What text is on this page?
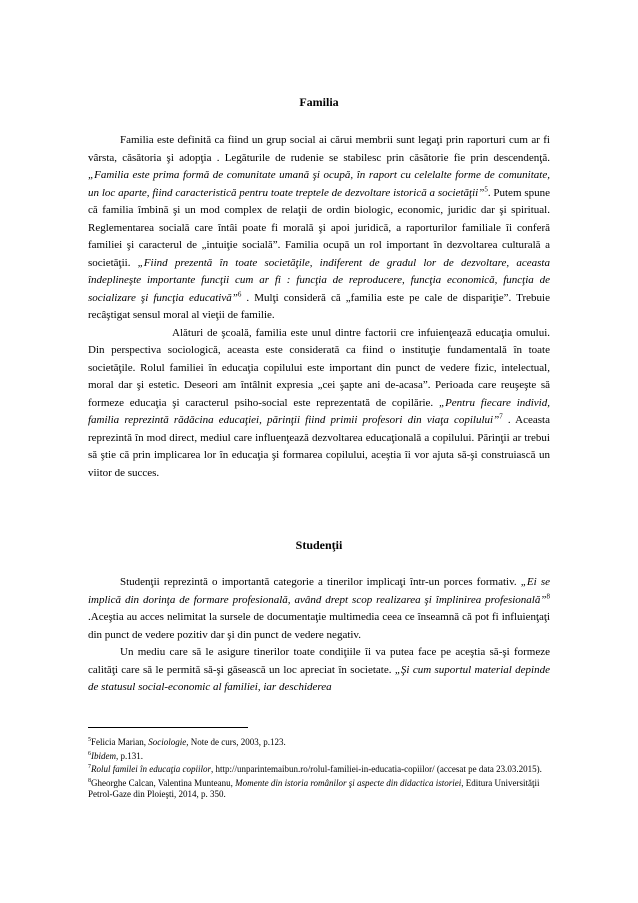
Familia

Familia este definită ca fiind un grup social ai cărui membrii sunt legaţi prin raporturi cum ar fi vârsta, căsătoria şi adopţia . Legăturile de rudenie se stabilesc prin căsătorie fie prin descendenţă. „Familia este prima formă de comunitate umană şi ocupă, în raport cu celelalte forme de comunitate, un loc aparte, fiind caracteristică pentru toate treptele de dezvoltare istorică a societăţii”$^5$. Putem spune că familia îmbină şi un mod complex de relaţii de ordin biologic, economic, juridic dar şi spiritual. Reglementarea socială care întâi poate fi morală şi apoi juridică, a raporturilor familiale îi conferă familiei şi caracterul de „intuiţie socială”. Familia ocupă un rol important în dezvoltarea culturală a societăţii. „Fiind prezentă în toate societăţile, indiferent de gradul lor de dezvoltare, aceasta îndeplineşte importante funcţii cum ar fi : funcţia de reproducere, funcţia economică, funcţia de socializare şi funcţia educativă”$^6$ . Mulţi consideră că „familia este pe cale de dispariţie”. Trebuie recâştigat sensul moral al vieţii de familie.

Alături de şcoală, familia este unul dintre factorii cre infuienţează educaţia omului. Din perspectiva sociologică, aceasta este considerată ca fiind o instituţie fundamentală în toate societăţile. Rolul familiei în educaţia copilului este important din punct de vedere fizic, intelectual, moral dar şi estetic. Deseori am întâlnit expresia „cei şapte ani de-acasa”. Perioada care reuşeşte să formeze educaţia şi caracterul psiho-social este reprezentată de copilărie. „Pentru fiecare individ, familia reprezintă rădăcina educaţiei, părinţii fiind primii profesori din viaţa copilului”$^7$ . Aceasta reprezintă în mod direct, mediul care influenţează dezvoltarea educaţională a copilului. Părinţii ar trebui să ştie că prin implicarea lor în educaţia şi formarea copilului, aceştia îi vor ajuta să-şi construiască un viitor de succes.

Studenţii

Studenţii reprezintă o importantă categorie a tinerilor implicaţi într-un porces formativ. „Ei se implică din dorinţa de formare profesională, având drept scop realizarea şi împlinirea profesională”$^8$ .Aceştia au acces nelimitat la sursele de documentaţie multimedia ceea ce înseamnă că pot fi influienţaţi din punct de vedere pozitiv dar şi din punct de vedere negativ.

Un mediu care să le asigure tinerilor toate condiţiile îi va putea face pe aceştia să-şi formeze calităţi care să le permită să-şi găsească un loc apreciat în societate. „Şi cum suportul material depinde de statusul social-economic al familiei, iar deschiderea

$^5$Felicia Marian, Sociologie, Note de curs, 2003, p.123.

$^6$Ibidem, p.131.

$^7$Rolul familei în educaţia copiilor, http://unparintemaibun.ro/rolul-familiei-in-educatia-copiilor/ (accesat pe data 23.03.2015).

$^8$Gheorghe Calcan, Valentina Munteanu, Momente din istoria românilor şi aspecte din didactica istoriei, Editura Universităţii Petrol-Gaze din Ploieşti, 2014, p. 350.
